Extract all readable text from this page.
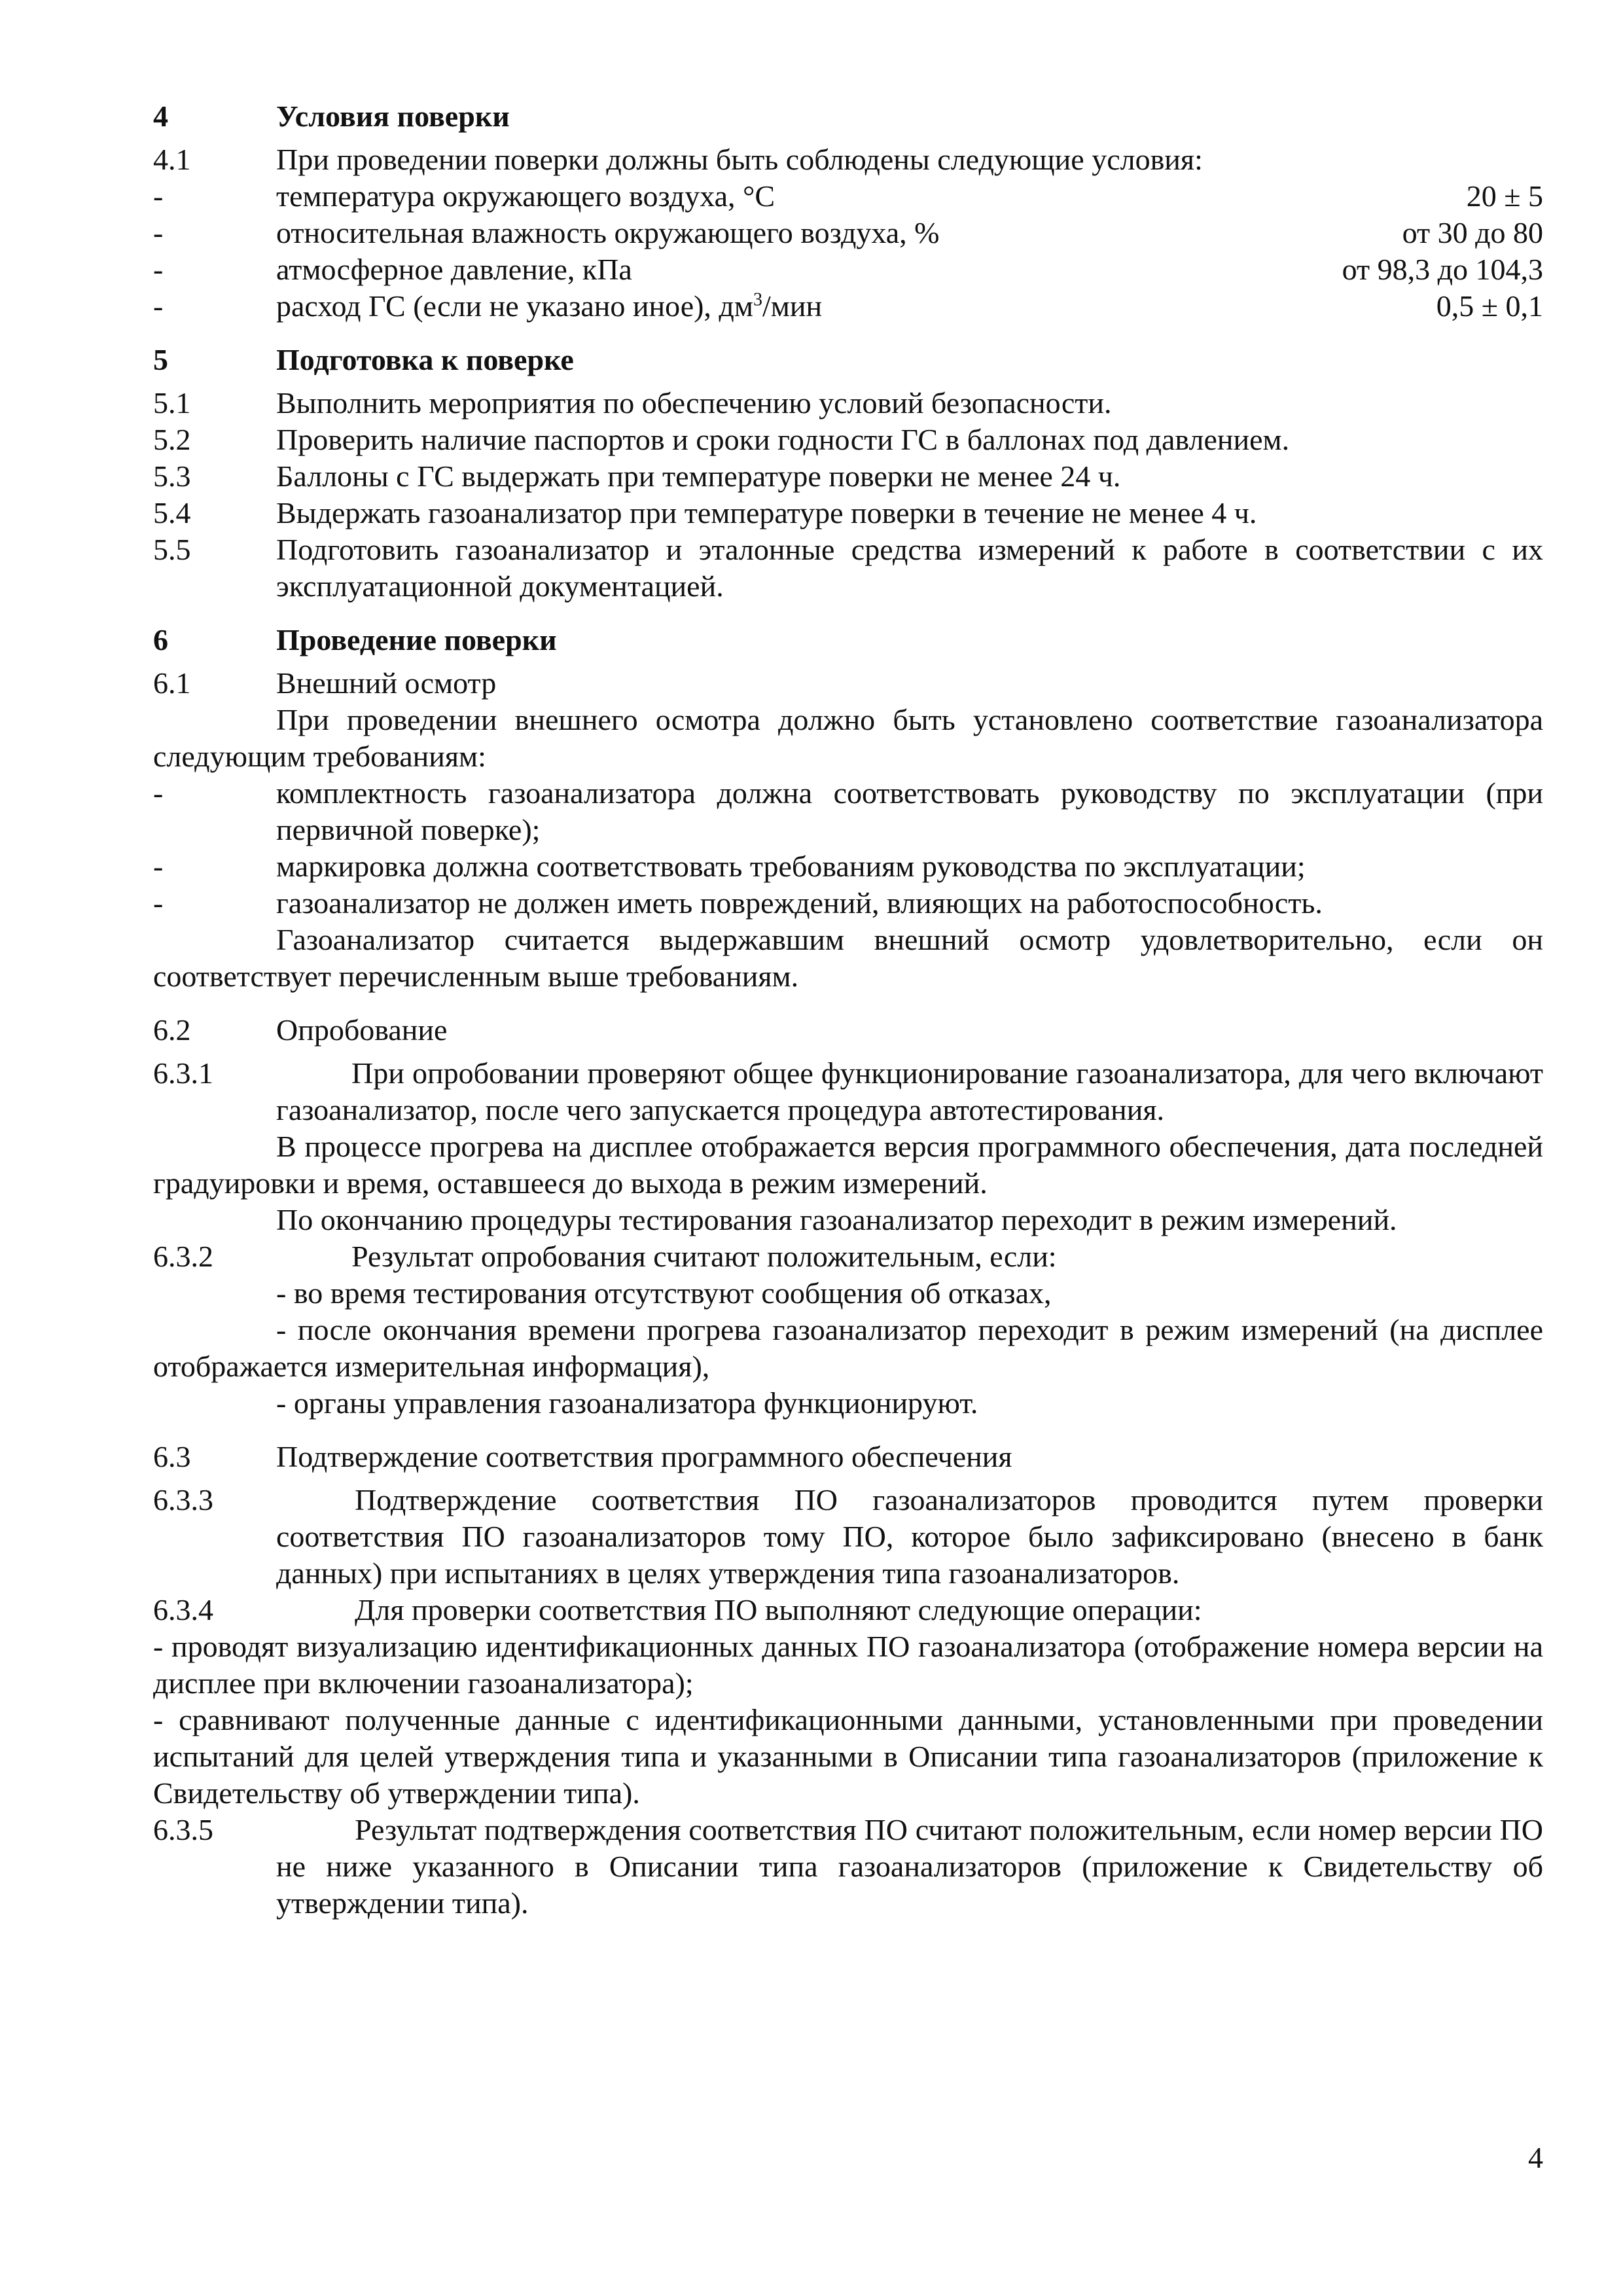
4	Условия поверки
4.1	При проведении поверки должны быть соблюдены следующие условия:
-	температура окружающего воздуха, °С	20 ± 5
-	относительная влажность окружающего воздуха, %	от 30 до 80
-	атмосферное давление, кПа	от 98,3 до 104,3
-	расход ГС (если не указано иное), $дм^3$/мин	0,5 ± 0,1
5	Подготовка к поверке
5.1	Выполнить мероприятия по обеспечению условий безопасности.
5.2	Проверить наличие паспортов и сроки годности ГС в баллонах под давлением.
5.3	Баллоны с ГС выдержать при температуре поверки не менее 24 ч.
5.4	Выдержать газоанализатор при температуре поверки в течение не менее 4 ч.
5.5	Подготовить газоанализатор и эталонные средства измерений к работе в соответствии с их эксплуатационной документацией.
6	Проведение поверки
6.1	Внешний осмотр
При проведении внешнего осмотра должно быть установлено соответствие газоанализатора следующим требованиям:
-	комплектность газоанализатора должна соответствовать руководству по эксплуатации (при первичной поверке);
-	маркировка должна соответствовать требованиям руководства по эксплуатации;
-	газоанализатор не должен иметь повреждений, влияющих на работоспособность.
Газоанализатор считается выдержавшим внешний осмотр удовлетворительно, если он соответствует перечисленным выше требованиям.
6.2	Опробование
6.3.1	При опробовании проверяют общее функционирование газоанализатора, для чего включают газоанализатор, после чего запускается процедура автотестирования.
В процессе прогрева на дисплее отображается версия программного обеспечения, дата последней градуировки и время, оставшееся до выхода в режим измерений.
По окончанию процедуры тестирования газоанализатор переходит в режим измерений.
6.3.2	Результат опробования считают положительным, если:
- во время тестирования отсутствуют сообщения об отказах,
- после окончания времени прогрева газоанализатор переходит в режим измерений (на дисплее отображается измерительная информация),
- органы управления газоанализатора функционируют.
6.3	Подтверждение соответствия программного обеспечения
6.3.3	Подтверждение соответствия ПО газоанализаторов проводится путем проверки соответствия ПО газоанализаторов тому ПО, которое было зафиксировано (внесено в банк данных) при испытаниях в целях утверждения типа газоанализаторов.
6.3.4	Для проверки соответствия ПО выполняют следующие операции:
- проводят визуализацию идентификационных данных ПО газоанализатора (отображение номера версии на дисплее при включении газоанализатора);
- сравнивают полученные данные с идентификационными данными, установленными при проведении испытаний для целей утверждения типа и указанными в Описании типа газоанализаторов (приложение к Свидетельству об утверждении типа).
6.3.5	Результат подтверждения соответствия ПО считают положительным, если номер версии ПО не ниже указанного в Описании типа газоанализаторов (приложение к Свидетельству об утверждении типа).
4
